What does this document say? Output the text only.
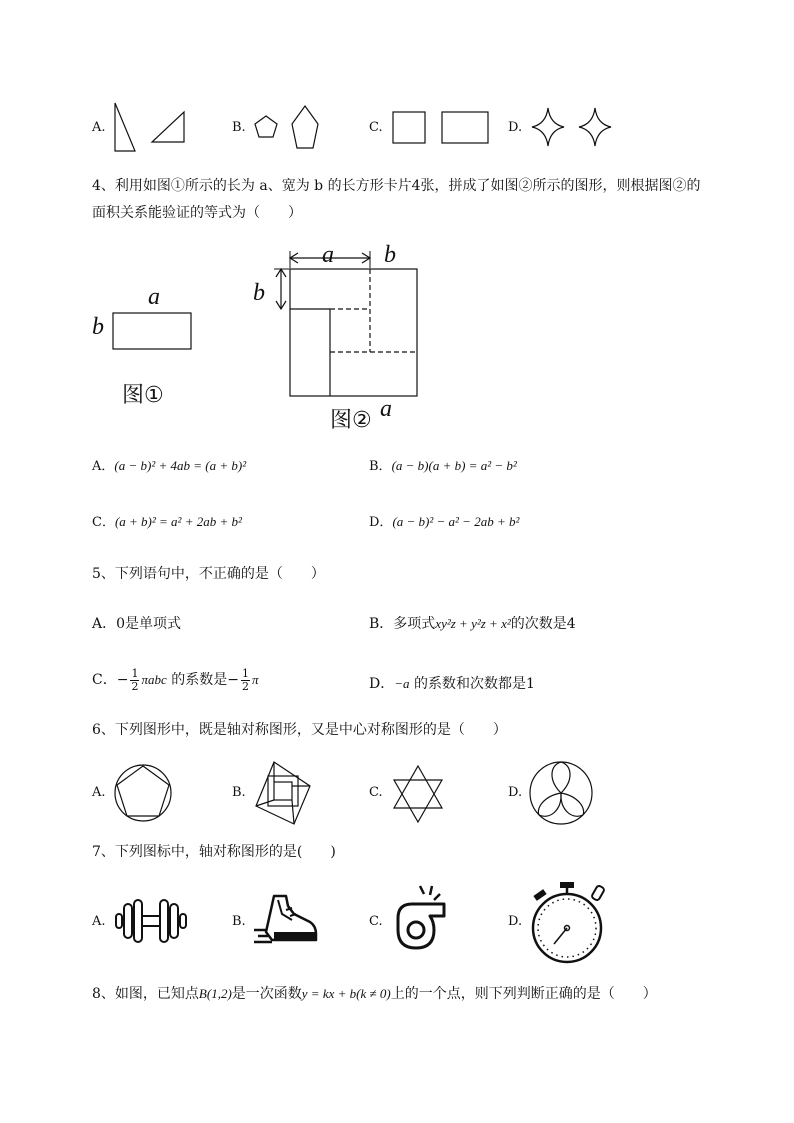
A.	B.	C.	D.
4、利用如图①所示的长为 a、宽为 b 的长方形卡片4张，拼成了如图②所示的图形，则根据图②的
面积关系能验证的等式为（　　）
a
b
图①
a b
b
图② a
A．(a − b)² + 4ab = (a + b)²	B．(a − b)(a + b) = a² − b²
C．(a + b)² = a² + 2ab + b²	D．(a − b)² − a² − 2ab + b²
5、下列语句中，不正确的是（　　）
A．0是单项式	B．多项式xy²z + y²z + x²的次数是4
C．− $\frac{1}{2}$ πabc 的系数是− $\frac{1}{2}$ π	D．−a 的系数和次数都是1
6、下列图形中，既是轴对称图形，又是中心对称图形的是（　　）
A.	B.	C.	D.
7、下列图标中，轴对称图形的是(　　)
A.	B.	C.	D.
8、如图，已知点B(1,2)是一次函数y = kx + b(k ≠ 0)上的一个点，则下列判断正确的是（　　）
